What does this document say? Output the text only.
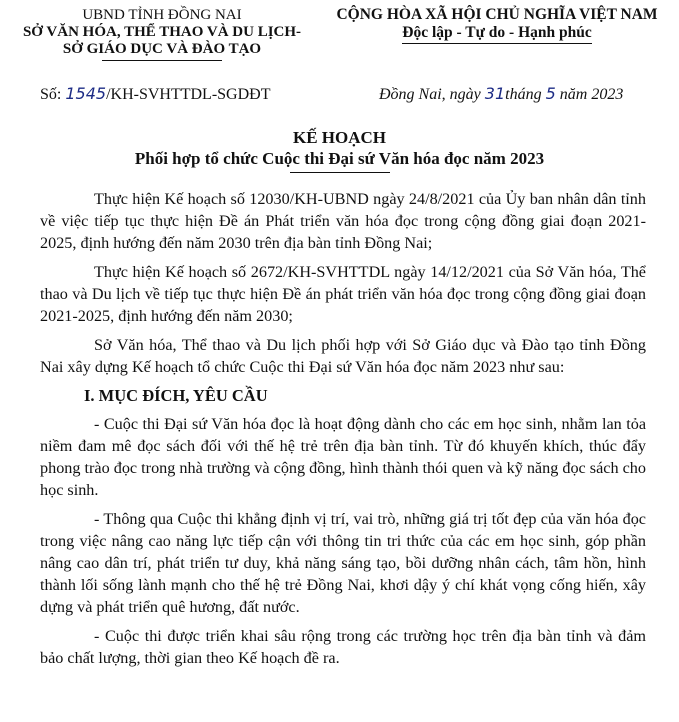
UBND TỈNH ĐỒNG NAI
SỞ VĂN HÓA, THỂ THAO VÀ DU LỊCH-
SỞ GIÁO DỤC VÀ ĐÀO TẠO
CỘNG HÒA XÃ HỘI CHỦ NGHĨA VIỆT NAM
Độc lập - Tự do - Hạnh phúc
Số: 1545/KH-SVHTTDL-SGDĐT	Đồng Nai, ngày 31tháng 5 năm 2023
KẾ HOẠCH
Phối hợp tổ chức Cuộc thi Đại sứ Văn hóa đọc năm 2023

Thực hiện Kế hoạch số 12030/KH-UBND ngày 24/8/2021 của Ủy ban nhân dân tỉnh về việc tiếp tục thực hiện Đề án Phát triển văn hóa đọc trong cộng đồng giai đoạn 2021-2025, định hướng đến năm 2030 trên địa bàn tỉnh Đồng Nai;

Thực hiện Kế hoạch số 2672/KH-SVHTTDL ngày 14/12/2021 của Sở Văn hóa, Thể thao và Du lịch về tiếp tục thực hiện Đề án phát triển văn hóa đọc trong cộng đồng giai đoạn 2021-2025, định hướng đến năm 2030;

Sở Văn hóa, Thể thao và Du lịch phối hợp với Sở Giáo dục và Đào tạo tỉnh Đồng Nai xây dựng Kế hoạch tổ chức Cuộc thi Đại sứ Văn hóa đọc năm 2023 như sau:

I. MỤC ĐÍCH, YÊU CẦU

- Cuộc thi Đại sứ Văn hóa đọc là hoạt động dành cho các em học sinh, nhằm lan tỏa niềm đam mê đọc sách đối với thế hệ trẻ trên địa bàn tỉnh. Từ đó khuyến khích, thúc đẩy phong trào đọc trong nhà trường và cộng đồng, hình thành thói quen và kỹ năng đọc sách cho học sinh.

- Thông qua Cuộc thi khẳng định vị trí, vai trò, những giá trị tốt đẹp của văn hóa đọc trong việc nâng cao năng lực tiếp cận với thông tin tri thức của các em học sinh, góp phần nâng cao dân trí, phát triển tư duy, khả năng sáng tạo, bồi dưỡng nhân cách, tâm hồn, hình thành lối sống lành mạnh cho thế hệ trẻ Đồng Nai, khơi dậy ý chí khát vọng cống hiến, xây dựng và phát triển quê hương, đất nước.

- Cuộc thi được triển khai sâu rộng trong các trường học trên địa bàn tỉnh và đảm bảo chất lượng, thời gian theo Kế hoạch đề ra.
